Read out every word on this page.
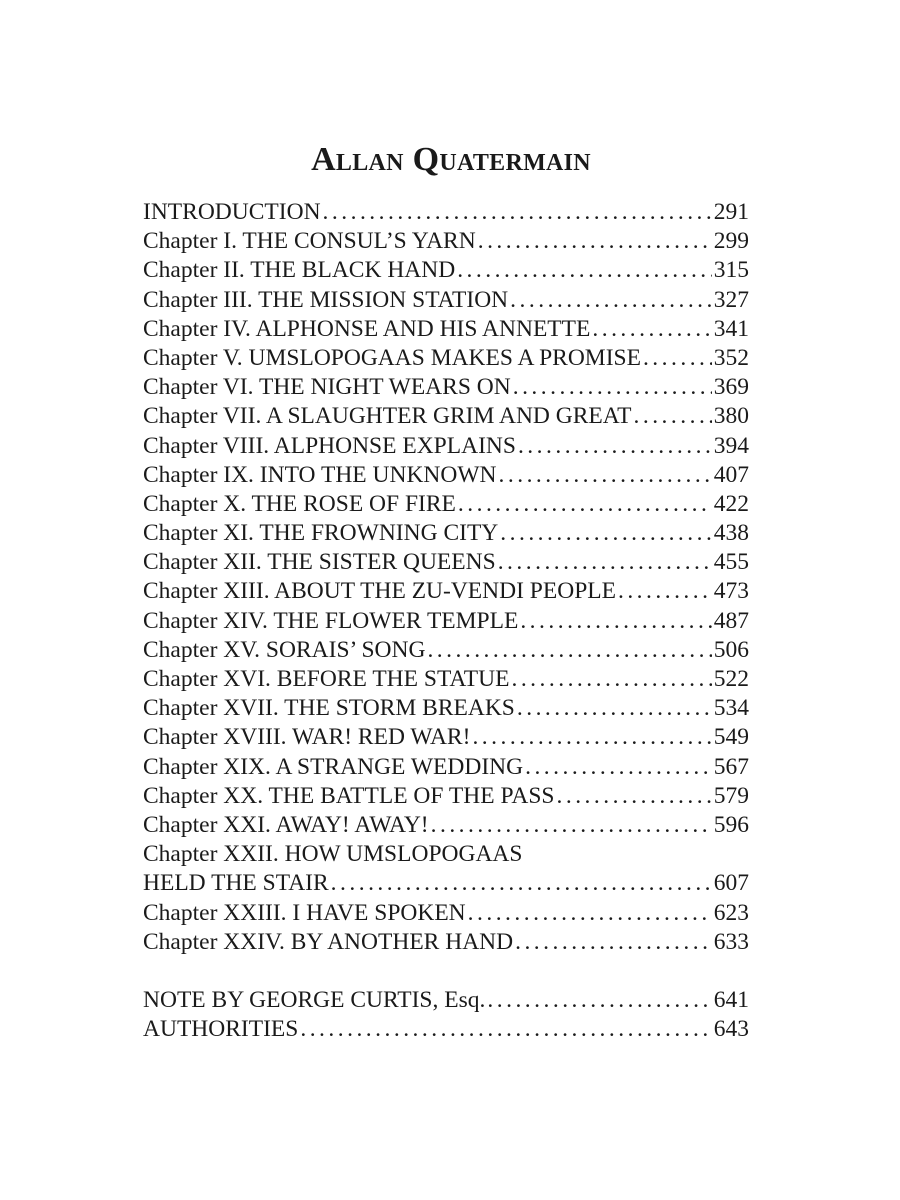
Allan Quatermain
INTRODUCTION . . .	291
Chapter I. THE CONSUL’S YARN . . .	299
Chapter II. THE BLACK HAND . . .	315
Chapter III. THE MISSION STATION . . .	327
Chapter IV. ALPHONSE AND HIS ANNETTE . . .	341
Chapter V. UMSLOPOGAAS MAKES A PROMISE . . .	352
Chapter VI. THE NIGHT WEARS ON . . .	369
Chapter VII. A SLAUGHTER GRIM AND GREAT . . .	380
Chapter VIII. ALPHONSE EXPLAINS . . .	394
Chapter IX. INTO THE UNKNOWN . . .	407
Chapter X. THE ROSE OF FIRE . . .	422
Chapter XI. THE FROWNING CITY . . .	438
Chapter XII. THE SISTER QUEENS . . .	455
Chapter XIII. ABOUT THE ZU-VENDI PEOPLE . . .	473
Chapter XIV. THE FLOWER TEMPLE . . .	487
Chapter XV. SORAIS’ SONG . . .	506
Chapter XVI. BEFORE THE STATUE . . .	522
Chapter XVII. THE STORM BREAKS . . .	534
Chapter XVIII. WAR! RED WAR! . . .	549
Chapter XIX. A STRANGE WEDDING . . .	567
Chapter XX. THE BATTLE OF THE PASS . . .	579
Chapter XXI. AWAY! AWAY! . . .	596
Chapter XXII. HOW UMSLOPOGAAS
HELD THE STAIR . . .	607
Chapter XXIII. I HAVE SPOKEN . . .	623
Chapter XXIV. BY ANOTHER HAND . . .	633
NOTE BY GEORGE CURTIS, Esq. . . .	641
AUTHORITIES . . .	643
